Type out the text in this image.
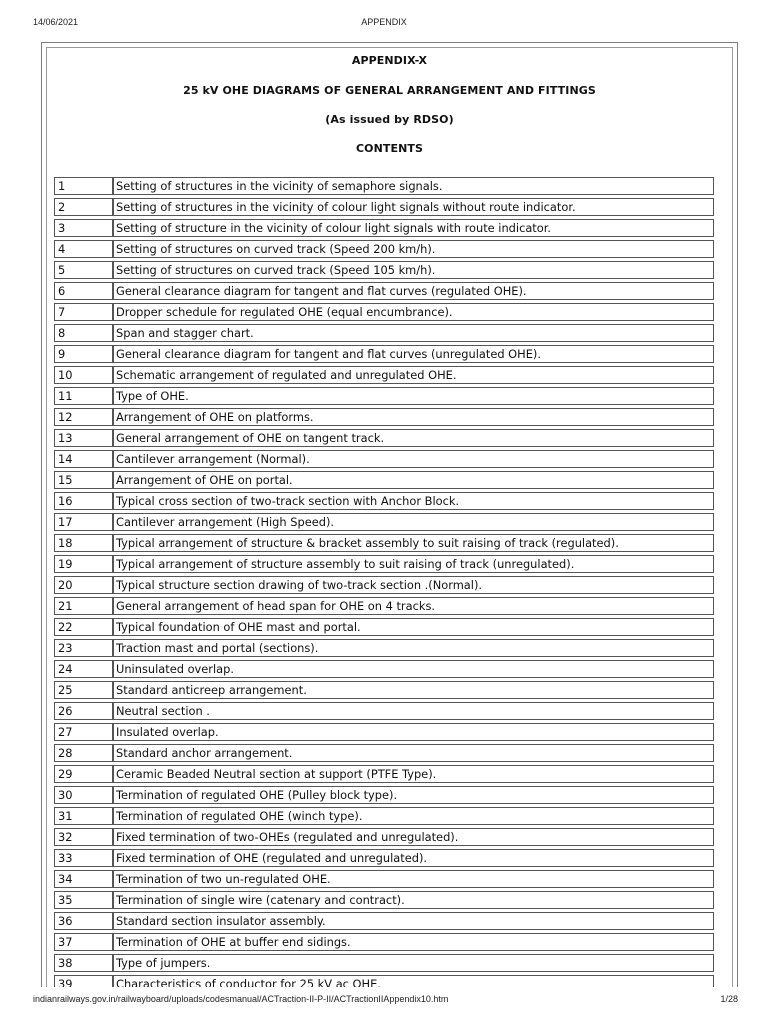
14/06/2021	APPENDIX
APPENDIX-X
25 kV OHE DIAGRAMS OF GENERAL ARRANGEMENT AND FITTINGS
(As issued by RDSO)
CONTENTS
1	Setting of structures in the vicinity of semaphore signals.
2	Setting of structures in the vicinity of colour light signals without route indicator.
3	Setting of structure in the vicinity of colour light signals with route indicator.
4	Setting of structures on curved track (Speed 200 km/h).
5	Setting of structures on curved track (Speed 105 km/h).
6	General clearance diagram for tangent and flat curves (regulated OHE).
7	Dropper schedule for regulated OHE (equal encumbrance).
8	Span and stagger chart.
9	General clearance diagram for tangent and flat curves (unregulated OHE).
10	Schematic arrangement of regulated and unregulated OHE.
11	Type of OHE.
12	Arrangement of OHE on platforms.
13	General arrangement of OHE on tangent track.
14	Cantilever arrangement (Normal).
15	Arrangement of OHE on portal.
16	Typical cross section of two-track section with Anchor Block.
17	Cantilever arrangement (High Speed).
18	Typical arrangement of structure & bracket assembly to suit raising of track (regulated).
19	Typical arrangement of structure assembly to suit raising of track (unregulated).
20	Typical structure section drawing of two-track section .(Normal).
21	General arrangement of head span for OHE on 4 tracks.
22	Typical foundation of OHE mast and portal.
23	Traction mast and portal (sections).
24	Uninsulated overlap.
25	Standard anticreep arrangement.
26	Neutral section .
27	Insulated overlap.
28	Standard anchor arrangement.
29	Ceramic Beaded Neutral section at support (PTFE Type).
30	Termination of regulated OHE (Pulley block type).
31	Termination of regulated OHE (winch type).
32	Fixed termination of two-OHEs (regulated and unregulated).
33	Fixed termination of OHE (regulated and unregulated).
34	Termination of two un-regulated OHE.
35	Termination of single wire (catenary and contract).
36	Standard section insulator assembly.
37	Termination of OHE at buffer end sidings.
38	Type of jumpers.
39	Characteristics of conductor for 25 kV ac OHE.

indianrailways.gov.in/railwayboard/uploads/codesmanual/ACTraction-II-P-II/ACTractionIIAppendix10.htm	1/28
